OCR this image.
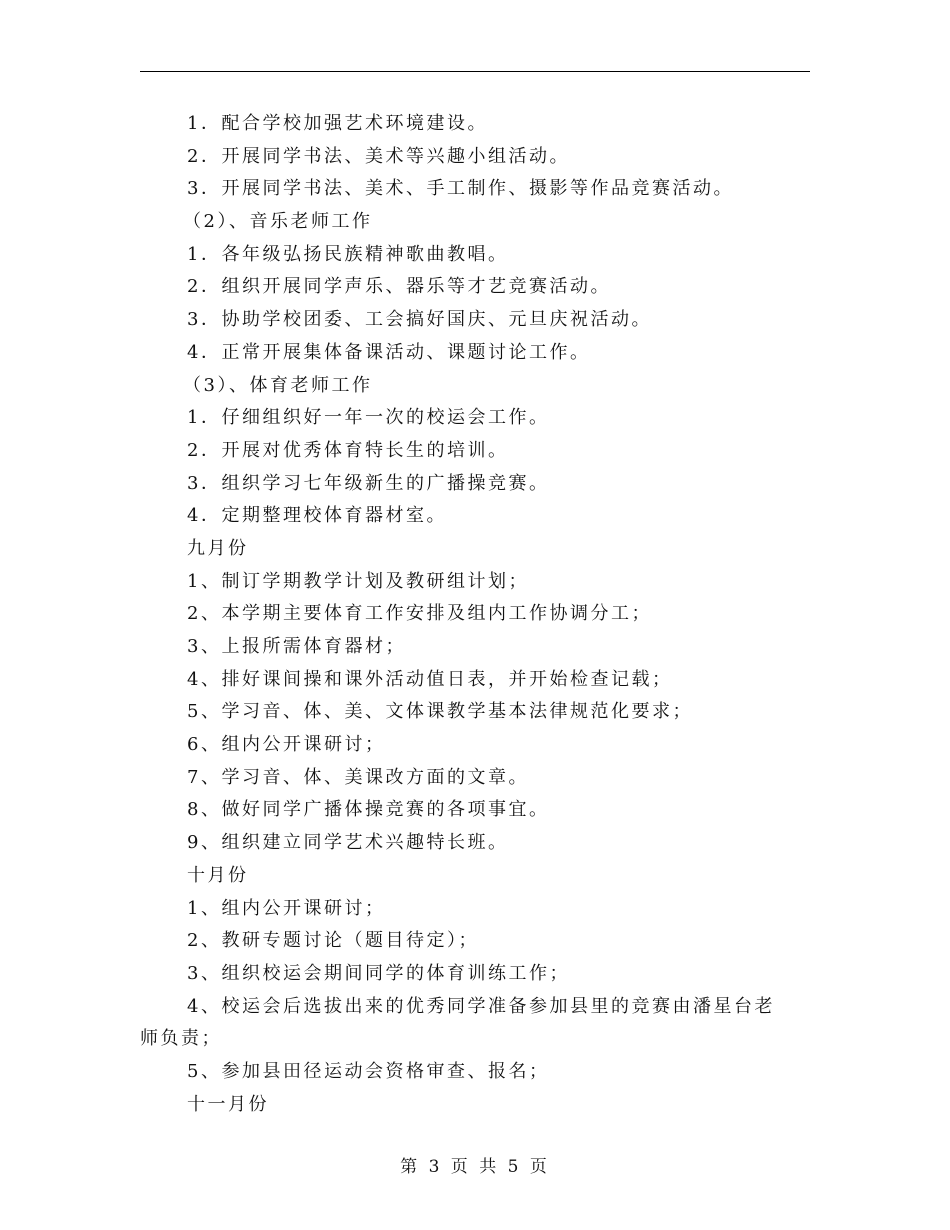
1．配合学校加强艺术环境建设。
2．开展同学书法、美术等兴趣小组活动。
3．开展同学书法、美术、手工制作、摄影等作品竞赛活动。
（2）、音乐老师工作
1．各年级弘扬民族精神歌曲教唱。
2．组织开展同学声乐、器乐等才艺竞赛活动。
3．协助学校团委、工会搞好国庆、元旦庆祝活动。
4．正常开展集体备课活动、课题讨论工作。
（3）、体育老师工作
1．仔细组织好一年一次的校运会工作。
2．开展对优秀体育特长生的培训。
3．组织学习七年级新生的广播操竞赛。
4．定期整理校体育器材室。
九月份
1、制订学期教学计划及教研组计划；
2、本学期主要体育工作安排及组内工作协调分工；
3、上报所需体育器材；
4、排好课间操和课外活动值日表，并开始检查记载；
5、学习音、体、美、文体课教学基本法律规范化要求；
6、组内公开课研讨；
7、学习音、体、美课改方面的文章。
8、做好同学广播体操竞赛的各项事宜。
9、组织建立同学艺术兴趣特长班。
十月份
1、组内公开课研讨；
2、教研专题讨论（题目待定）；
3、组织校运会期间同学的体育训练工作；
4、校运会后选拔出来的优秀同学准备参加县里的竞赛由潘星台老
师负责；
5、参加县田径运动会资格审查、报名；
十一月份
第 3 页 共 5 页
